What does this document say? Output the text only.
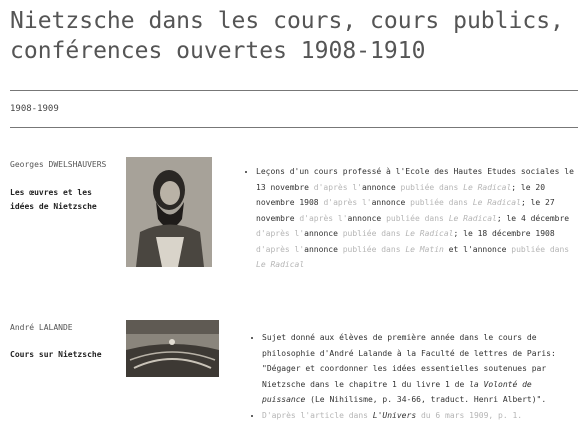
Nietzsche dans les cours, cours publics, conférences ouvertes 1908-1910
1908-1909
Georges DWELSHAUVERS
Les œuvres et les idées de Nietzsche
• Leçons d'un cours professé à l'Ecole des Hautes Etudes sociales le 13 novembre d'après l'annonce publiée dans Le Radical; le 20 novembre 1908 d'après l'annonce publiée dans Le Radical; le 27 novembre d'après l'annonce publiée dans Le Radical; le 4 décembre d'après l'annonce publiée dans Le Radical; le 18 décembre 1908 d'après l'annonce publiée dans Le Matin et l'annonce publiée dans Le Radical
André LALANDE
Cours sur Nietzsche
• Sujet donné aux élèves de première année dans le cours de philosophie d'André Lalande à la Faculté de lettres de Paris: "Dégager et coordonner les idées essentielles soutenues par Nietzsche dans le chapitre 1 du livre 1 de la Volonté de puissance (Le Nihilisme, p. 34-66, traduct. Henri Albert)".
• D'après l'article dans L'Univers du 6 mars 1909, p. 1.
